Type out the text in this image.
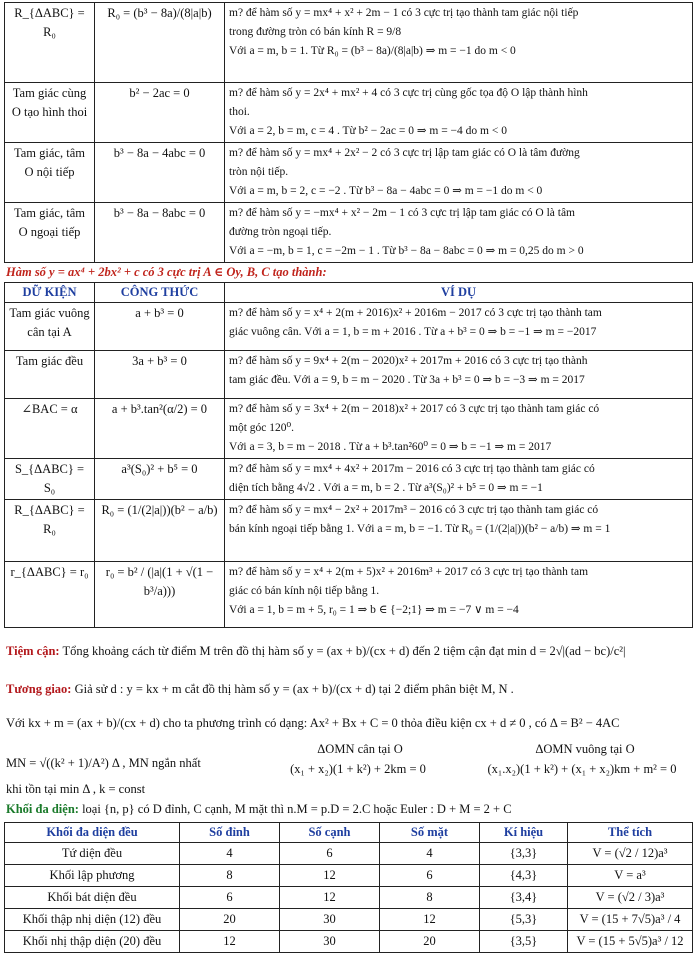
R_{ΔABC} = R₀	R₀ = (b³ − 8a)/(8|a|b)	m? để hàm số y = mx⁴ + x² + 2m − 1 có 3 cực trị tạo thành tam giác nội tiếp
trong đường tròn có bán kính R = 9/8
Với a = m, b = 1. Từ R₀ = (b³ − 8a)/(8|a|b) ⇒ m = −1 do m < 0

Tam giác cùng O tạo hình thoi	b² − 2ac = 0	m? để hàm số y = 2x⁴ + mx² + 4 có 3 cực trị cùng gốc tọa độ O lập thành hình
thoi.
Với a = 2, b = m, c = 4 . Từ b² − 2ac = 0 ⇒ m = −4 do m < 0

Tam giác, tâm O nội tiếp	b³ − 8a − 4abc = 0	m? để hàm số y = mx⁴ + 2x² − 2 có 3 cực trị lập tam giác có O là tâm đường
tròn nội tiếp.
Với a = m, b = 2, c = −2 . Từ b³ − 8a − 4abc = 0 ⇒ m = −1 do m < 0

Tam giác, tâm O ngoại tiếp	b³ − 8a − 8abc = 0	m? để hàm số y = −mx⁴ + x² − 2m − 1 có 3 cực trị lập tam giác có O là tâm
đường tròn ngoại tiếp.
Với a = −m, b = 1, c = −2m − 1 . Từ b³ − 8a − 8abc = 0 ⇒ m = 0,25 do m > 0
Hàm số y = ax⁴ + 2bx² + c có 3 cực trị A ∈ Oy, B, C tạo thành:
DỮ KIỆN	CÔNG THỨC	VÍ DỤ
Tam giác vuông cân tại A	a + b³ = 0	m? để hàm số y = x⁴ + 2(m + 2016)x² + 2016m − 2017 có 3 cực trị tạo thành tam
giác vuông cân. Với a = 1, b = m + 2016 . Từ a + b³ = 0 ⇒ b = −1 ⇒ m = −2017

Tam giác đều	3a + b³ = 0	m? để hàm số y = 9x⁴ + 2(m − 2020)x² + 2017m + 2016 có 3 cực trị tạo thành
tam giác đều. Với a = 9, b = m − 2020 . Từ 3a + b³ = 0 ⇒ b = −3 ⇒ m = 2017

∠BAC = α	a + b³.tan²(α/2) = 0	m? để hàm số y = 3x⁴ + 2(m − 2018)x² + 2017 có 3 cực trị tạo thành tam giác có
một góc 120⁰.
Với a = 3, b = m − 2018 . Từ a + b³.tan²60⁰ = 0 ⇒ b = −1 ⇒ m = 2017

S_{ΔABC} = S₀	a³(S₀)² + b⁵ = 0	m? để hàm số y = mx⁴ + 4x² + 2017m − 2016 có 3 cực trị tạo thành tam giác có
diện tích bằng 4√2 . Với a = m, b = 2 . Từ a³(S₀)² + b⁵ = 0 ⇒ m = −1

R_{ΔABC} = R₀	R₀ = (1/(2|a|))(b² − a/b)	m? để hàm số y = mx⁴ − 2x² + 2017m³ − 2016 có 3 cực trị tạo thành tam giác có
bán kính ngoại tiếp bằng 1. Với a = m, b = −1. Từ R₀ = (1/(2|a|))(b² − a/b) ⇒ m = 1

r_{ΔABC} = r₀	r₀ = b² / (|a|(1 + √(1 − b³/a)))	m? để hàm số y = x⁴ + 2(m + 5)x² + 2016m³ + 2017 có 3 cực trị tạo thành tam
giác có bán kính nội tiếp bằng 1.
Với a = 1, b = m + 5, r₀ = 1 ⇒ b ∈ {−2;1} ⇒ m = −7 ∨ m = −4
Tiệm cận: Tổng khoảng cách từ điểm M trên đồ thị hàm số y = (ax + b)/(cx + d) đến 2 tiệm cận đạt min d = 2√|(ad − bc)/c²|
Tương giao: Giả sử d : y = kx + m cắt đồ thị hàm số y = (ax + b)/(cx + d) tại 2 điểm phân biệt M, N .
Với kx + m = (ax + b)/(cx + d) cho ta phương trình có dạng: Ax² + Bx + C = 0 thỏa điều kiện cx + d ≠ 0 , có Δ = B² − 4AC
MN = √((k² + 1)/A²) Δ , MN ngắn nhất
ΔOMN cân tại O
(x₁ + x₂)(1 + k²) + 2km = 0
ΔOMN vuông tại O
(x₁.x₂)(1 + k²) + (x₁ + x₂)km + m² = 0
khi tồn tại min Δ , k = const
Khối đa diện: loại {n, p} có D đỉnh, C cạnh, M mặt thì n.M = p.D = 2.C hoặc Euler : D + M = 2 + C
Khối đa diện đều	Số đỉnh	Số cạnh	Số mặt	Kí hiệu	Thể tích
Tứ diện đều	4	6	4	{3,3}	V = (√2 / 12)a³
Khối lập phương	8	12	6	{4,3}	V = a³
Khối bát diện đều	6	12	8	{3,4}	V = (√2 / 3)a³
Khối thập nhị diện (12) đều	20	30	12	{5,3}	V = (15 + 7√5)a³ / 4
Khối nhị thập diện (20) đều	12	30	20	{3,5}	V = (15 + 5√5)a³ / 12
